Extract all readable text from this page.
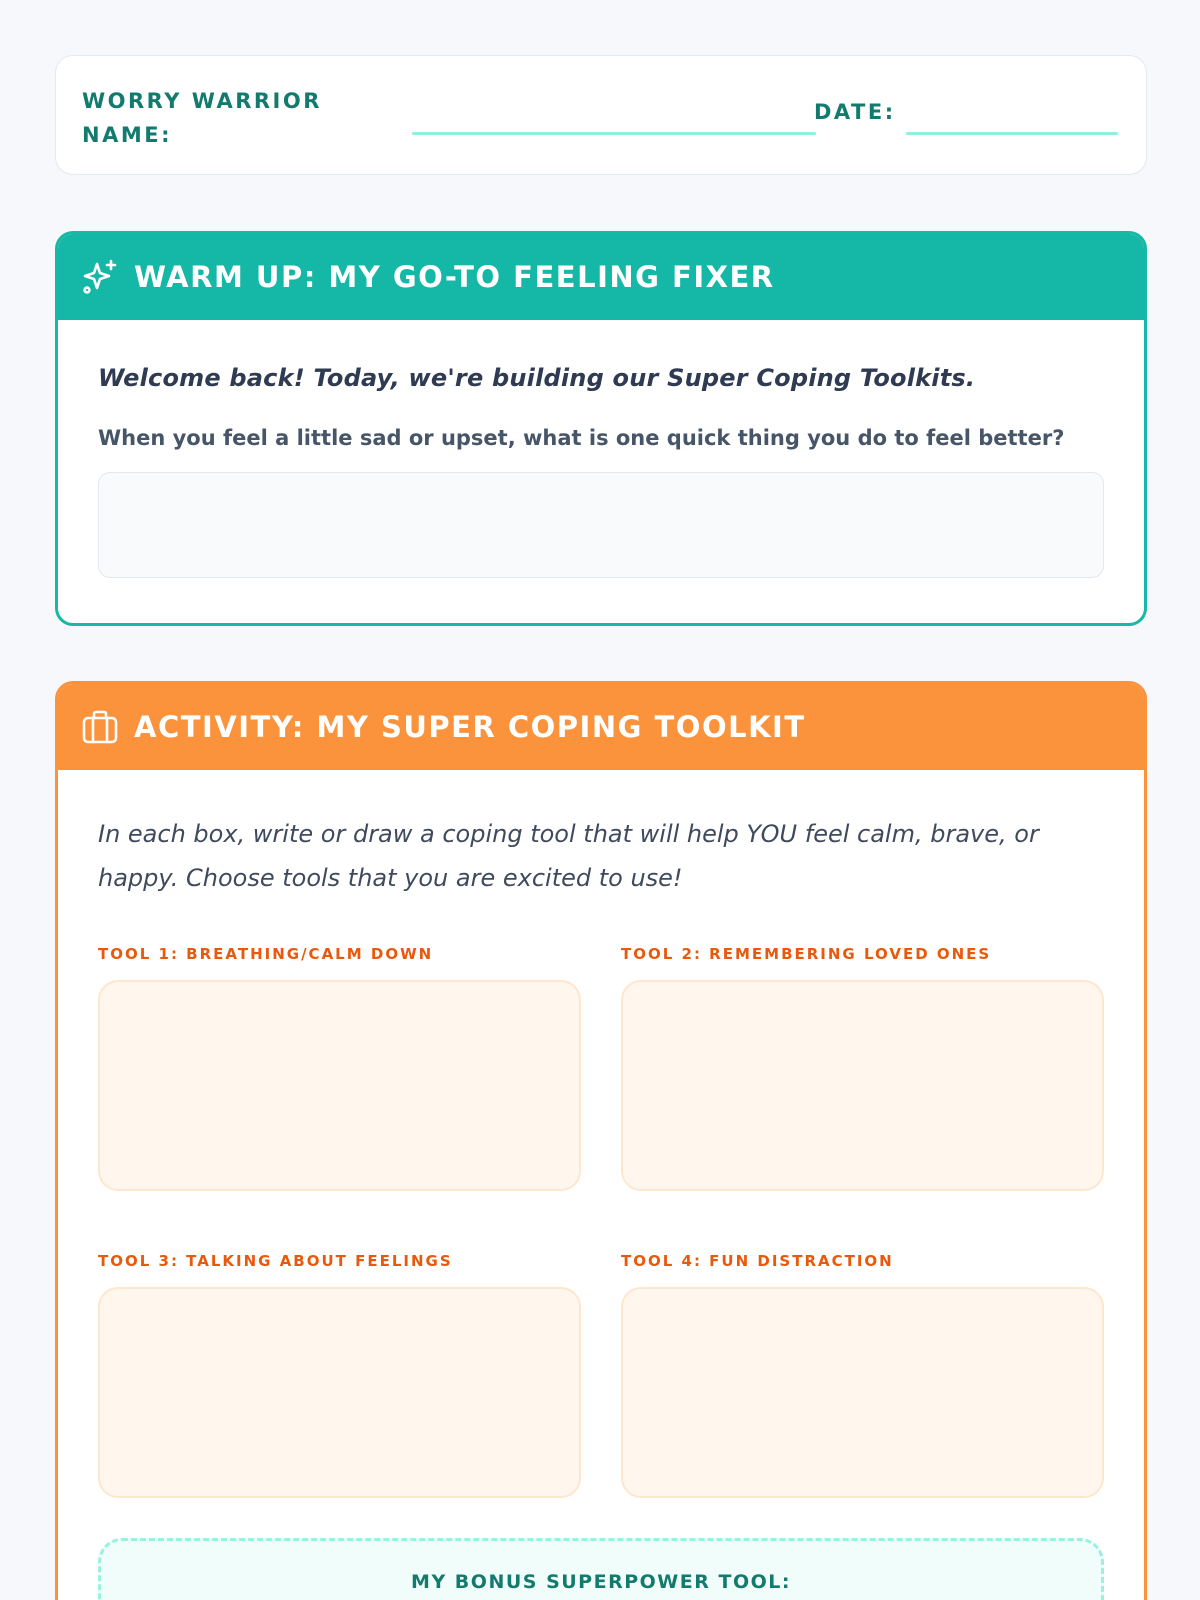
WORRY WARRIOR NAME:
DATE:
WARM UP: MY GO-TO FEELING FIXER
Welcome back! Today, we're building our Super Coping Toolkits.
When you feel a little sad or upset, what is one quick thing you do to feel better?
ACTIVITY: MY SUPER COPING TOOLKIT
In each box, write or draw a coping tool that will help YOU feel calm, brave, or happy. Choose tools that you are excited to use!
TOOL 1: BREATHING/CALM DOWN	TOOL 2: REMEMBERING LOVED ONES
TOOL 3: TALKING ABOUT FEELINGS	TOOL 4: FUN DISTRACTION
MY BONUS SUPERPOWER TOOL:
